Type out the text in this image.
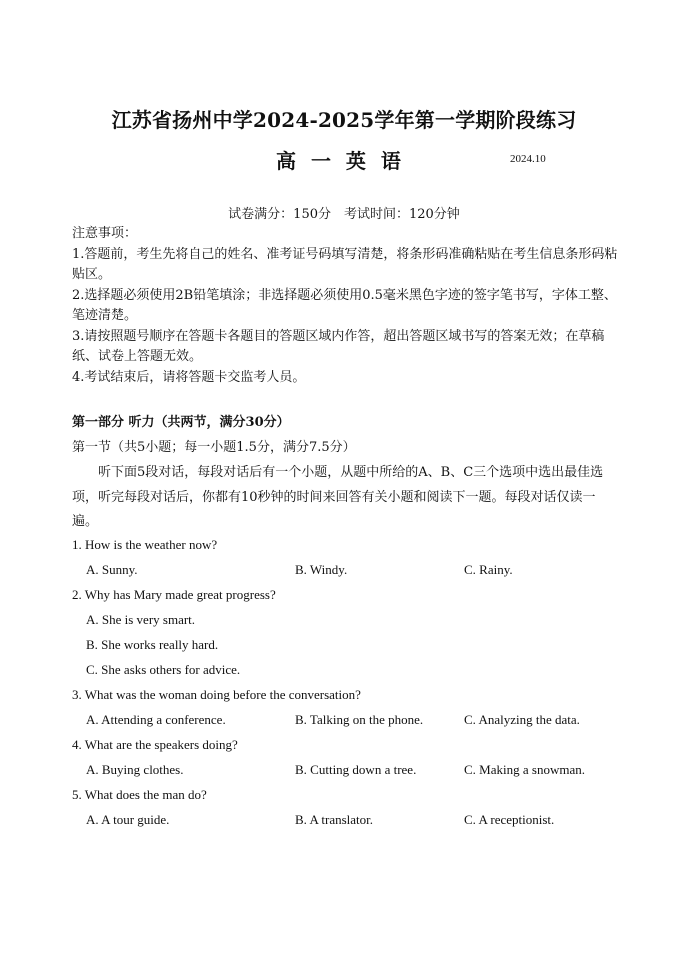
江苏省扬州中学2024-2025学年第一学期阶段练习
高 一 英 语	2024.10
试卷满分：150分　考试时间：120分钟

注意事项：

1.答题前，考生先将自己的姓名、准考证号码填写清楚，将条形码准确粘贴在考生信息条形码粘贴区。

2.选择题必须使用2B铅笔填涂；非选择题必须使用0.5毫米黑色字迹的签字笔书写，字体工整、笔迹清楚。

3.请按照题号顺序在答题卡各题目的答题区域内作答，超出答题区域书写的答案无效；在草稿纸、试卷上答题无效。

4.考试结束后，请将答题卡交监考人员。

第一部分 听力（共两节，满分30分）
第一节（共5小题；每一小题1.5分，满分7.5分）
听下面5段对话，每段对话后有一个小题，从题中所给的A、B、C三个选项中选出最佳选项，听完每段对话后，你都有10秒钟的时间来回答有关小题和阅读下一题。每段对话仅读一遍。
1. How is the weather now?
A. Sunny.	B. Windy.	C. Rainy.
2. Why has Mary made great progress?
A. She is very smart.
B. She works really hard.
C. She asks others for advice.
3. What was the woman doing before the conversation?
A. Attending a conference.	B. Talking on the phone.	C. Analyzing the data.
4. What are the speakers doing?
A. Buying clothes.	B. Cutting down a tree.	C. Making a snowman.
5. What does the man do?
A. A tour guide.	B. A translator.	C. A receptionist.
